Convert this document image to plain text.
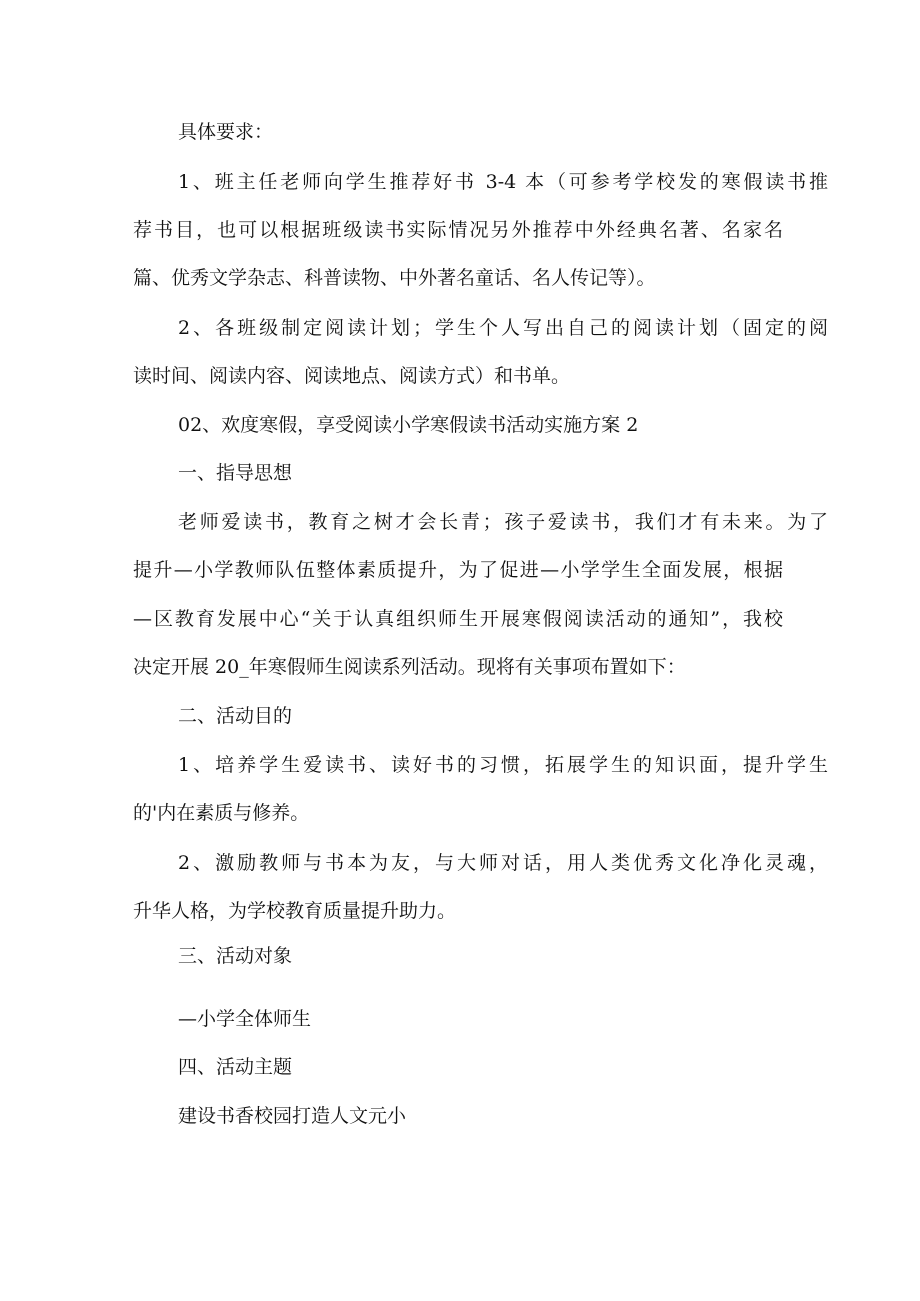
具体要求：
1、班主任老师向学生推荐好书 3-4 本（可参考学校发的寒假读书推
荐书目，也可以根据班级读书实际情况另外推荐中外经典名著、名家名
篇、优秀文学杂志、科普读物、中外著名童话、名人传记等）。
2、各班级制定阅读计划；学生个人写出自己的阅读计划（固定的阅
读时间、阅读内容、阅读地点、阅读方式）和书单。
02、欢度寒假，享受阅读小学寒假读书活动实施方案 2
一、指导思想
老师爱读书，教育之树才会长青；孩子爱读书，我们才有未来。为了
提升—小学教师队伍整体素质提升，为了促进—小学学生全面发展，根据
—区教育发展中心“关于认真组织师生开展寒假阅读活动的通知”，我校
决定开展 20_年寒假师生阅读系列活动。现将有关事项布置如下：
二、活动目的
1、培养学生爱读书、读好书的习惯，拓展学生的知识面，提升学生
的'内在素质与修养。
2、激励教师与书本为友，与大师对话，用人类优秀文化净化灵魂，
升华人格，为学校教育质量提升助力。
三、活动对象
—小学全体师生
四、活动主题
建设书香校园打造人文元小
